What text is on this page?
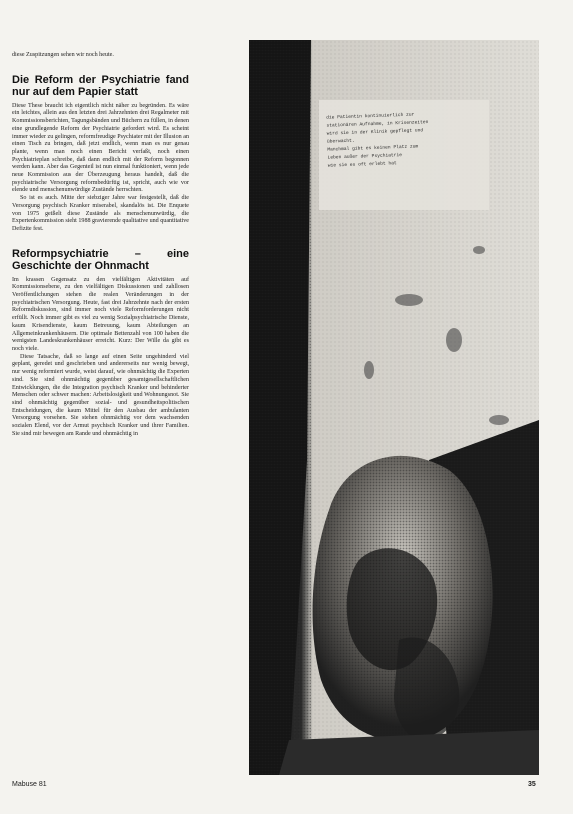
diese Zuspitzungen sehen wir noch heute.

Die Reform der Psychiatrie fand nur auf dem Papier statt

Diese These braucht ich eigentlich nicht näher zu begründen. Es wäre ein leichtes, allein aus den letzten drei Jahrzehnten drei Regalmeter mit Kommissionsberichten, Tagungsbänden und Büchern zu füllen, in denen eine grundlegende Reform der Psychiatrie gefordert wird. Es scheint immer wieder zu gelingen, reformfreudige Psychiater mit der Illusion an einen Tisch zu bringen, daß jetzt endlich, wenn man es nur genau plante, wenn man noch einen Bericht verfaßt, noch einen Psychiatrieplan schreibe, daß dann endlich mit der Reform begonnen werden kann. Aber das Gegenteil ist nun einmal funktioniert, wenn jede neue Kommission aus der Überzeugung heraus handelt, daß die psychiatrische Versorgung reformbedürftig ist, spricht, auch wie vor elende und menschenunwürdige Zustände herrschten.

So ist es auch. Mitte der siebziger Jahre war festgestellt, daß die Versorgung psychisch Kranker miserabel, skandalös ist. Die Enquete von 1975 geißelt diese Zustände als menschenunwürdig, die Expertenkommission sieht 1988 gravierende qualitative und quantitative Defizite fest.

Reformpsychiatrie – eine Geschichte der Ohnmacht

Im krassen Gegensatz zu den vielfältigen Aktivitäten auf Kommissionsebene, zu den vielfältigen Diskussionen und zahllosen Veröffentlichungen stehen die realen Veränderungen in der psychiatrischen Versorgung. Heute, fast drei Jahrzehnte nach der ersten Reformdiskussion, sind immer noch viele Reformforderungen nicht erfüllt. Noch immer gibt es viel zu wenig Sozialpsychiatrische Dienste, kaum Krisendienste, kaum Betreuung, kaum Abteilungen an Allgemeinkrankenhäusern. Die optimale Bettenzahl von 100 haben die wenigsten Landeskrankenhäuser erreicht. Kurz: Der Wille da gibt es noch viele.

Diese Tatsache, daß so lange auf einen Seite ungehinderd viel geplant, geredet und geschrieben und andererseits nur wenig bewegt, nur wenig reformiert wurde, weist darauf, wie ohnmächtig die Experten sind. Sie sind ohnmächtig gegenüber gesamtgesellschaftlichen Entwicklungen, die die Integration psychisch Kranker und behinderter Menschen oder schwer machen: Arbeitslosigkeit und Wohnungsnot. Sie sind ohnmächtig gegenüber sozial- und gesundheitspolitischen Entscheidungen, die kaum Mittel für den Ausbau der ambulanten Versorgung vorsehen. Sie stehen ohnmächtig vor dem wachsenden sozialen Elend, vor der Armut psychisch Kranker und ihrer Familien. Sie sind mir bewegen am Rande und ohnmächtig in

die Patientin kontinuierlich zur
stationären Aufnahme, in Krisenzeiten
wird sie in der Klinik gepflegt und
überwacht.
Manchmal gibt es keinen Platz zum
Leben außer der Psychiatrie
wie sie es oft erlebt hat
Mabuse 81	35
